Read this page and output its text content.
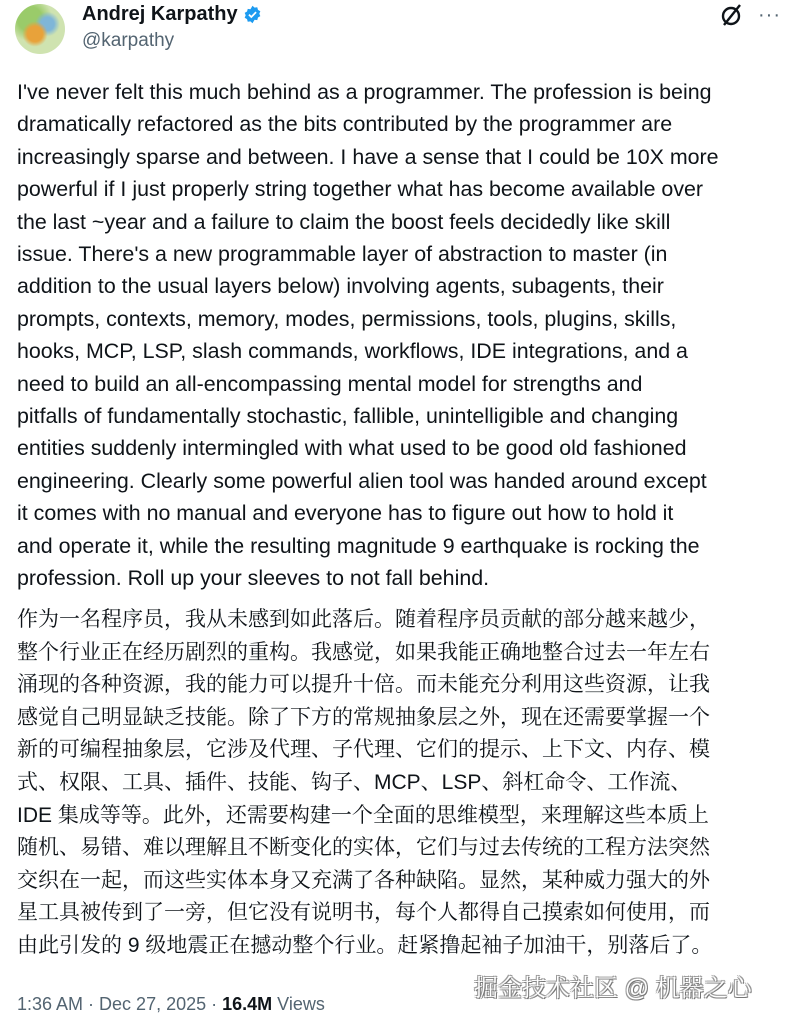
Andrej Karpathy
@karpathy
···
I've never felt this much behind as a programmer. The profession is being
dramatically refactored as the bits contributed by the programmer are
increasingly sparse and between. I have a sense that I could be 10X more
powerful if I just properly string together what has become available over
the last ~year and a failure to claim the boost feels decidedly like skill
issue. There's a new programmable layer of abstraction to master (in
addition to the usual layers below) involving agents, subagents, their
prompts, contexts, memory, modes, permissions, tools, plugins, skills,
hooks, MCP, LSP, slash commands, workflows, IDE integrations, and a
need to build an all-encompassing mental model for strengths and
pitfalls of fundamentally stochastic, fallible, unintelligible and changing
entities suddenly intermingled with what used to be good old fashioned
engineering. Clearly some powerful alien tool was handed around except
it comes with no manual and everyone has to figure out how to hold it
and operate it, while the resulting magnitude 9 earthquake is rocking the
profession. Roll up your sleeves to not fall behind.
作为一名程序员，我从未感到如此落后。随着程序员贡献的部分越来越少，
整个行业正在经历剧烈的重构。我感觉，如果我能正确地整合过去一年左右
涌现的各种资源，我的能力可以提升十倍。而未能充分利用这些资源，让我
感觉自己明显缺乏技能。除了下方的常规抽象层之外，现在还需要掌握一个
新的可编程抽象层，它涉及代理、子代理、它们的提示、上下文、内存、模
式、权限、工具、插件、技能、钩子、MCP、LSP、斜杠命令、工作流、
IDE 集成等等。此外，还需要构建一个全面的思维模型，来理解这些本质上
随机、易错、难以理解且不断变化的实体，它们与过去传统的工程方法突然
交织在一起，而这些实体本身又充满了各种缺陷。显然，某种威力强大的外
星工具被传到了一旁，但它没有说明书，每个人都得自己摸索如何使用，而
由此引发的 9 级地震正在撼动整个行业。赶紧撸起袖子加油干，别落后了。
掘金技术社区 @ 机器之心
1:36 AM · Dec 27, 2025 · 16.4M Views
